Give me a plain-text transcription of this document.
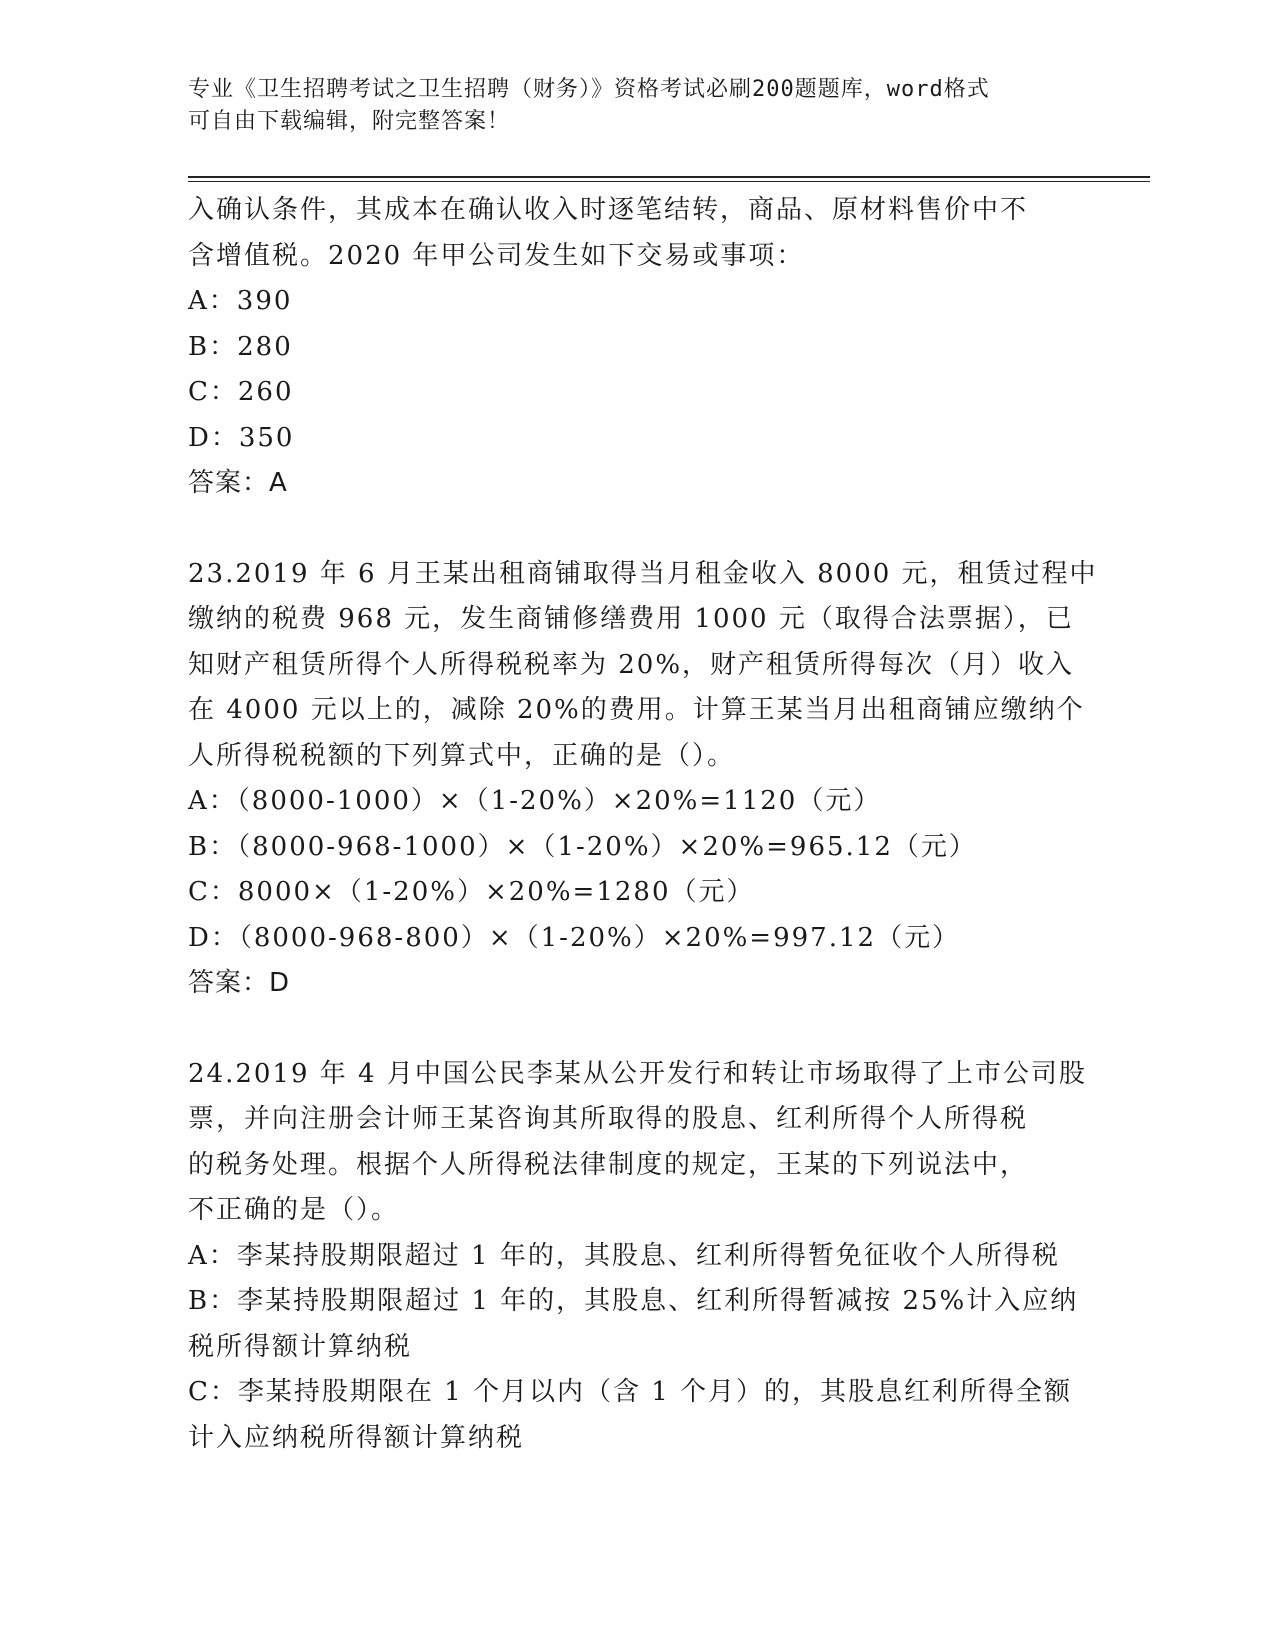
专业《卫生招聘考试之卫生招聘（财务）》资格考试必刷200题题库，word格式
可自由下载编辑，附完整答案！
入确认条件，其成本在确认收入时逐笔结转，商品、原材料售价中不
含增值税。2020 年甲公司发生如下交易或事项：
A：390
B：280
C：260
D：350
答案：A
23.2019 年 6 月王某出租商铺取得当月租金收入 8000 元，租赁过程中
缴纳的税费 968 元，发生商铺修缮费用 1000 元（取得合法票据），已
知财产租赁所得个人所得税税率为 20%，财产租赁所得每次（月）收入
在 4000 元以上的，减除 20%的费用。计算王某当月出租商铺应缴纳个
人所得税税额的下列算式中，正确的是（）。
A：（8000-1000）×（1-20%）×20%=1120（元）
B：（8000-968-1000）×（1-20%）×20%=965.12（元）
C：8000×（1-20%）×20%=1280（元）
D：（8000-968-800）×（1-20%）×20%=997.12（元）
答案：D
24.2019 年 4 月中国公民李某从公开发行和转让市场取得了上市公司股
票，并向注册会计师王某咨询其所取得的股息、红利所得个人所得税
的税务处理。根据个人所得税法律制度的规定，王某的下列说法中，
不正确的是（）。
A：李某持股期限超过 1 年的，其股息、红利所得暂免征收个人所得税
B：李某持股期限超过 1 年的，其股息、红利所得暂减按 25%计入应纳
税所得额计算纳税
C：李某持股期限在 1 个月以内（含 1 个月）的，其股息红利所得全额
计入应纳税所得额计算纳税
